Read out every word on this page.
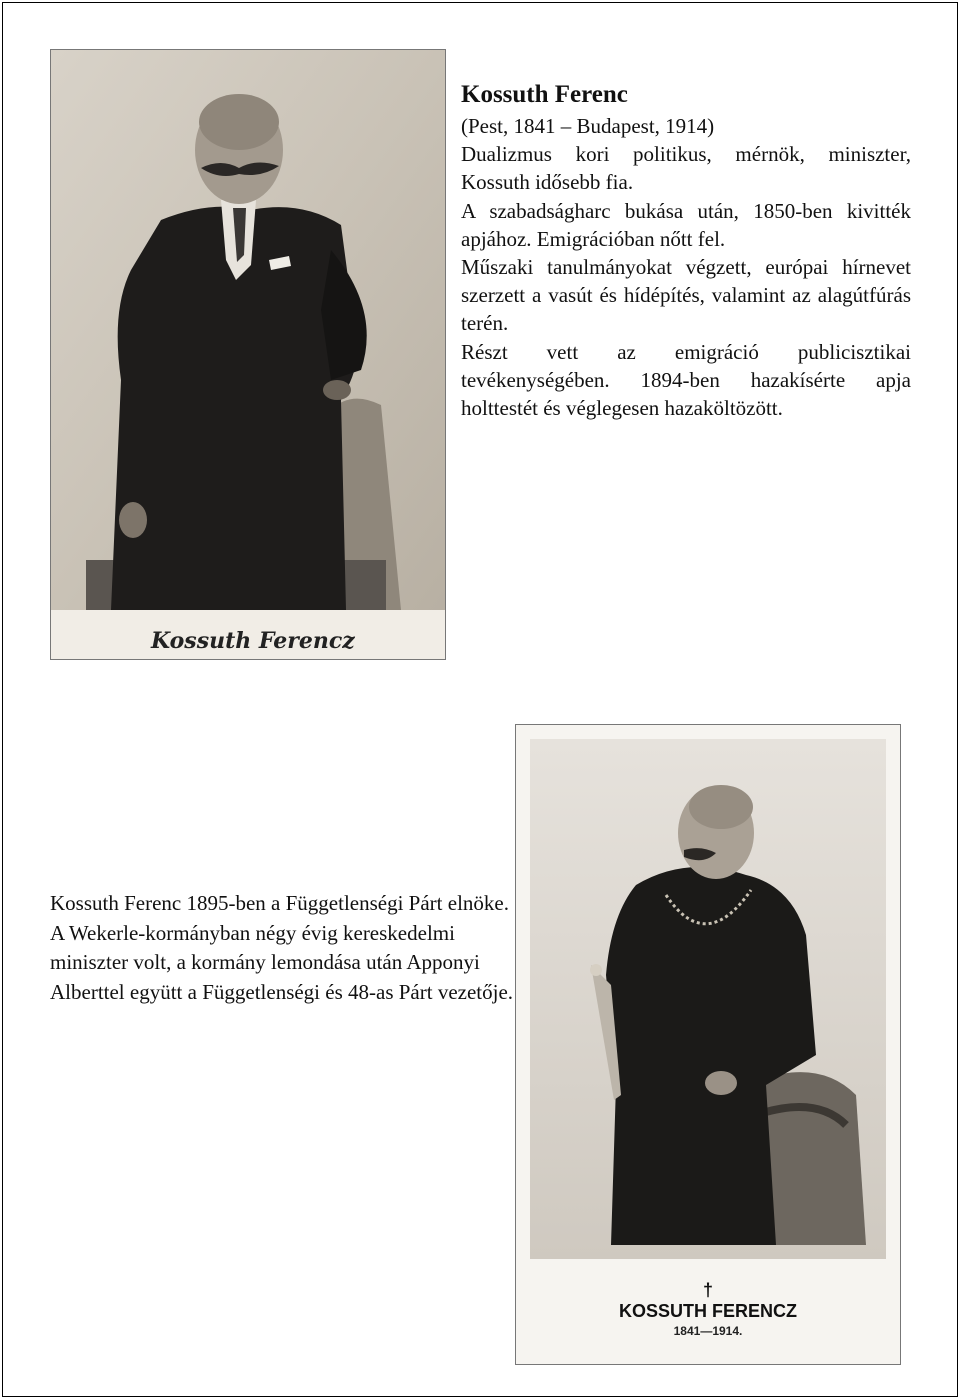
Kossuth Ferencz
Kossuth Ferenc

(Pest, 1841 – Budapest, 1914)

Dualizmus kori politikus, mérnök, miniszter, Kossuth idősebb fia.

A szabadságharc bukása után, 1850-ben kivitték apjához. Emigrációban nőtt fel.

Műszaki tanulmányokat végzett, európai hírnevet szerzett a vasút és hídépítés, valamint az alagútfúrás terén.

Részt vett az emigráció publicisztikai tevékenységében. 1894-ben hazakísérte apja holttestét és véglegesen hazaköltözött.

Kossuth Ferenc 1895-ben a Függetlenségi Párt elnöke. A Wekerle-kormányban négy évig kereskedelmi miniszter volt, a kormány lemondása után Apponyi Alberttel együtt a Függetlenségi és 48-as Párt vezetője.
†
KOSSUTH FERENCZ
1841—1914.
